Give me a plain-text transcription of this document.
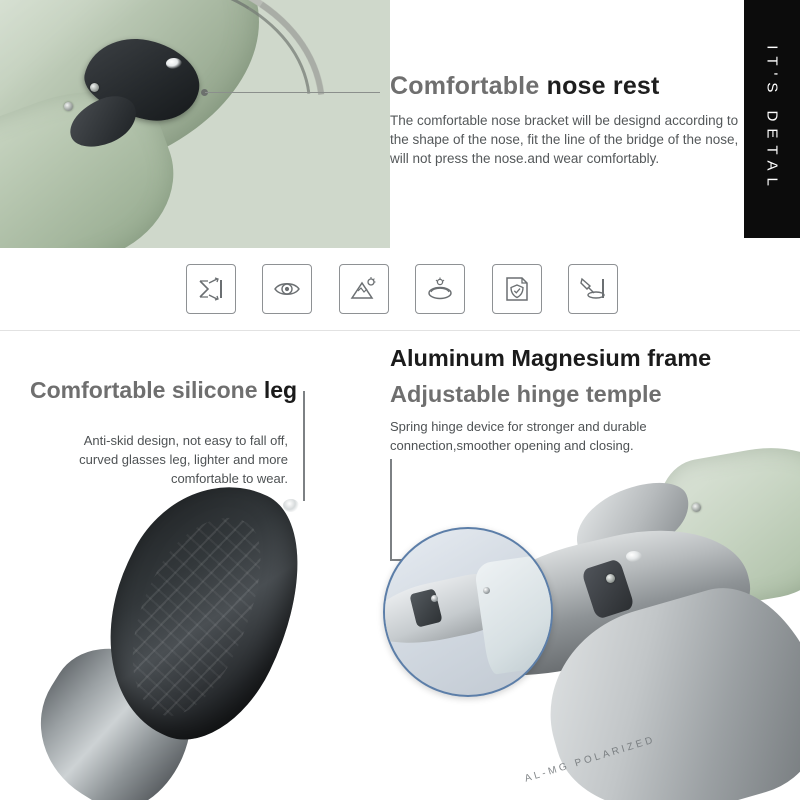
Comfortable nose rest

The comfortable nose bracket will be designd according to the shape of the nose, fit the line of the bridge of the nose, will not press the nose.and wear comfortably.	IT'S DETAL
Comfortable silicone leg
Anti-skid design, not easy to fall off, curved glasses leg, lighter and more comfortable to wear.
Aluminum Magnesium frame
Adjustable hinge temple
Spring hinge device for stronger and durable connection,smoother opening and closing.
AL-MG POLARIZED
